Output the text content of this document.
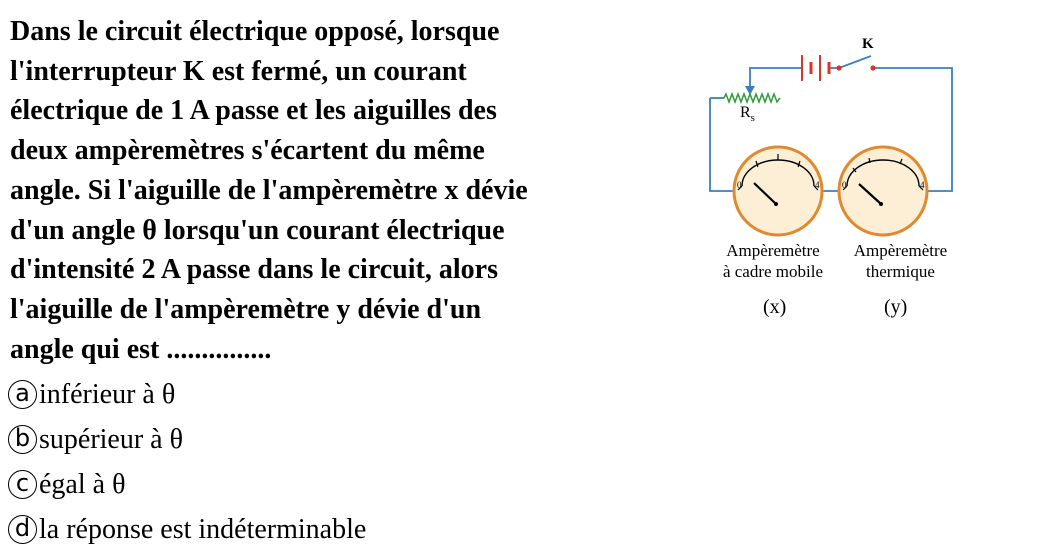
Dans le circuit électrique opposé, lorsque
l'interrupteur K est fermé, un courant
électrique de 1 A passe et les aiguilles des
deux ampèremètres s'écartent du même
angle. Si l'aiguille de l'ampèremètre x dévie
d'un angle θ lorsqu'un courant électrique
d'intensité 2 A passe dans le circuit, alors
l'aiguille de l'ampèremètre y dévie d'un
angle qui est ...............
a inférieur à θ
b supérieur à θ
c égal à θ
d la réponse est indéterminable
0	4	0	4
K
$R_s$
Ampèremètre
à cadre mobile
Ampèremètre
thermique
(x)	(y)
